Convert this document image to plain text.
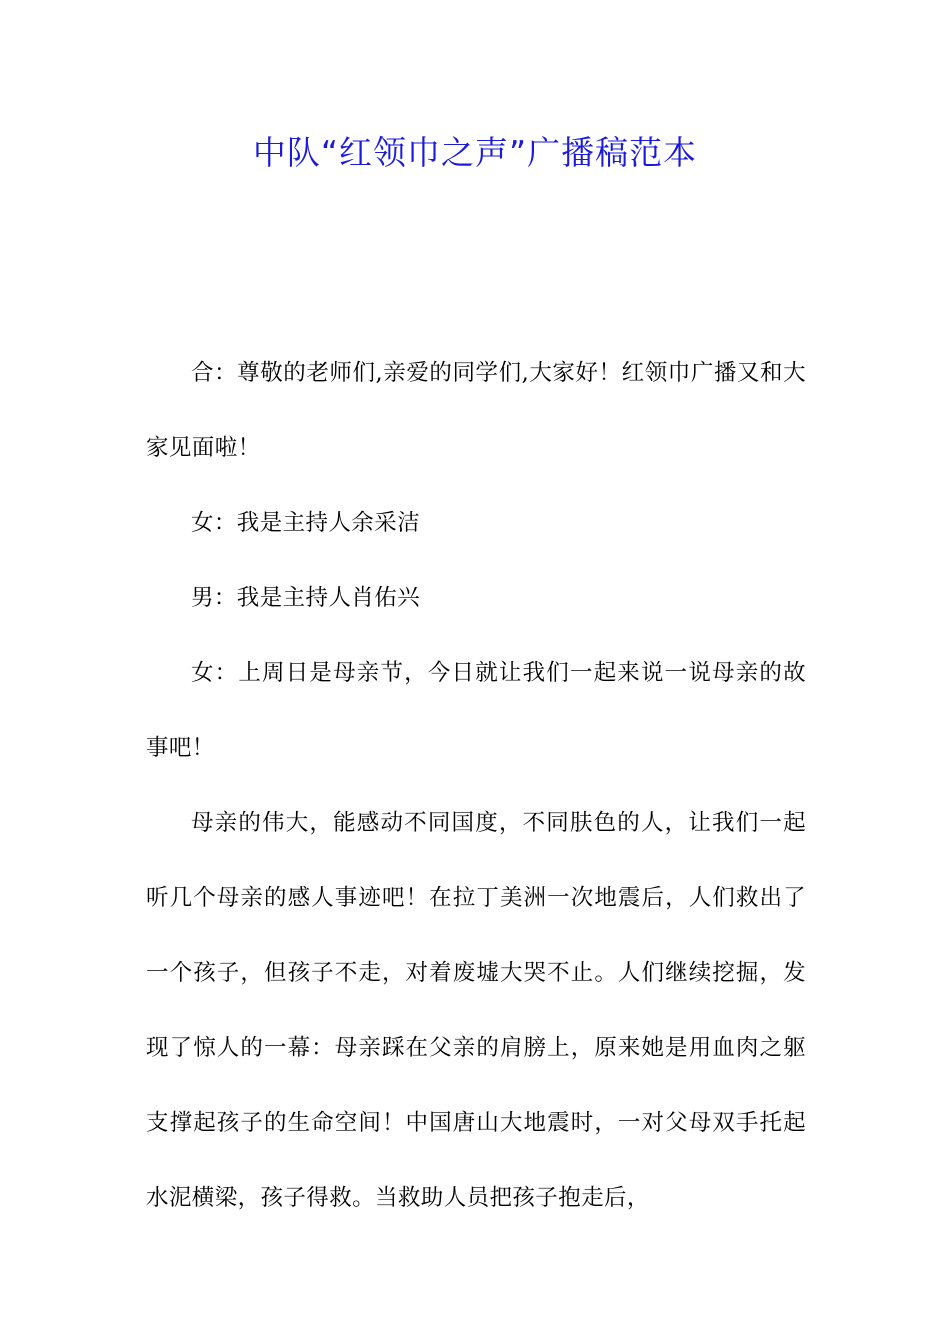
中队“红领巾之声”广播稿范本

合：尊敬的老师们,亲爱的同学们,大家好！红领巾广播又和大家见面啦！

女：我是主持人余采洁

男：我是主持人肖佑兴

女：上周日是母亲节，今日就让我们一起来说一说母亲的故事吧！

母亲的伟大，能感动不同国度，不同肤色的人，让我们一起听几个母亲的感人事迹吧！在拉丁美洲一次地震后，人们救出了一个孩子，但孩子不走，对着废墟大哭不止。人们继续挖掘，发现了惊人的一幕：母亲踩在父亲的肩膀上，原来她是用血肉之躯支撑起孩子的生命空间！中国唐山大地震时，一对父母双手托起水泥横梁，孩子得救。当救助人员把孩子抱走后，
